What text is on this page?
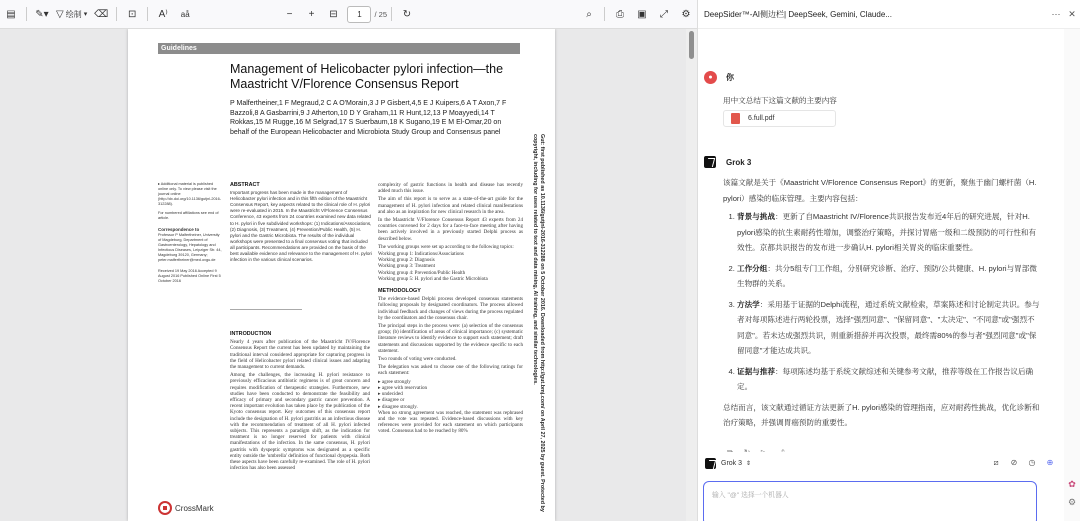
▤	✎▾ ▽ 绘制 ▾ ⌫	⊡	A⁾	aå	−	+	⊟	1	/ 25	↻	⌕	⎙	▣	⤢	⚙
Guidelines
Management of Helicobacter pylori infection—the
Maastricht V/Florence Consensus Report
P Malfertheiner,1 F Megraud,2 C A O'Morain,3 J P Gisbert,4,5 E J Kuipers,6 A T Axon,7 F Bazzoli,8 A Gasbarrini,9 J Atherton,10 D Y Graham,11 R Hunt,12,13 P Moayyedi,14 T Rokkas,15 M Rugge,16 M Selgrad,17 S Suerbaum,18 K Sugano,19 E M El-Omar,20 on behalf of the European Helicobacter and Microbiota Study Group and Consensus panel
▸ Additional material is published online only. To view please visit the journal online (http://dx.doi.org/10.1136/gutjnl-2016-312288).
For numbered affiliations see end of article.
Correspondence to
Professor P Malfertheiner, University of Magdeburg, Department of Gastroenterology, Hepatology and Infectious Diseases, Leipziger Str. 44, Magdeburg 39120, Germany; peter.malfertheiner@med.ovgu.de
Received 19 May 2016 Accepted 9 August 2016 Published Online First 5 October 2016
ABSTRACT
Important progress has been made in the management of Helicobacter pylori infection and in this fifth edition of the Maastricht Consensus Report, key aspects related to the clinical role of H. pylori were re-evaluated in 2015. In the Maastricht V/Florence Consensus Conference, 43 experts from 24 countries examined new data related to H. pylori in five subdivided workshops: (1) Indications/Associations, (2) Diagnosis, (3) Treatment, (4) Prevention/Public Health, (5) H. pylori and the Gastric Microbiota. The results of the individual workshops were presented to a final consensus voting that included all participants. Recommendations are provided on the basis of the best available evidence and relevance to the management of H. pylori infection in the various clinical scenarios.
INTRODUCTION

Nearly 4 years after publication of the Maastricht IV/Florence Consensus Report the current has been updated by maintaining the traditional interval considered appropriate for capturing progress in the field of Helicobacter pylori related clinical issues and adapting the management to current demands.

Among the challenges, the increasing H. pylori resistance to previously efficacious antibiotic regimens is of great concern and requires modification of therapeutic strategies. Furthermore, new studies have been conducted to demonstrate the feasibility and efficacy of primary and secondary gastric cancer prevention. A recent important evolution has taken place by the publication of the Kyoto consensus report. Key outcomes of this consensus report include the designation of H. pylori gastritis as an infectious disease with the recommendation of treatment of all H. pylori infected subjects. This represents a paradigm shift, as the indication for treatment is no longer reserved for patients with clinical manifestations of the infection. In the same consensus, H. pylori gastritis with dyspeptic symptoms was designated as a specific entity outside the 'umbrella' definition of functional dyspepsia. Both these aspects have been carefully re-examined. The role of H. pylori infection has also been assessed

complexity of gastric functions in health and disease has recently added much this issue.

The aim of this report is to serve as a state-of-the-art guide for the management of H. pylori infection and related clinical manifestations and also as an inspiration for new clinical research in the area.

In the Maastricht V/Florence Consensus Report 43 experts from 24 countries convened for 2 days for a face-to-face meeting after having been actively involved in a previously started Delphi process as described below.

The working groups were set up according to the following topics:

Working group 1: Indications/Associations
Working group 2: Diagnosis
Working group 3: Treatment
Working group 4: Prevention/Public Health
Working group 5: H. pylori and the Gastric Microbiota
METHODOLOGY

The evidence-based Delphi process developed consensus statements following proposals by designated coordinators. The process allowed individual feedback and changes of views during the process regulated by the coordinators and the consensus chair.

The principal steps in the process were: (a) selection of the consensus group; (b) identification of areas of clinical importance; (c) systematic literature reviews to identify evidence to support each statement; draft statements and discussions supported by the evidence specific to each statement.

Two rounds of voting were conducted.

The delegation was asked to choose one of the following ratings for each statement:

▸ agree strongly
▸ agree with reservation
▸ undecided
▸ disagree or
▸ disagree strongly.

When no strong agreement was reached, the statement was rephrased and the vote was repeated. Evidence-based discussions with key references were provided for each statement on which participants voted. Consensus had to be reached by 80%	Gut: first published as 10.1136/gutjnl-2016-312288 on 5 October 2016. Downloaded from http://gut.bmj.com/ on April 27, 2025 by guest. Protected by copyright, including for uses related to text and data mining, AI training, and similar technologies.
CrossMark
DeepSider™-AI侧边栏| DeepSeek, Gemini, Claude...	⋯ ✕
●	你
用中文总结下这篇文献的主要内容
6.full.pdf
Grok 3
该篇文献是关于《Maastricht V/Florence Consensus Report》的更新，聚焦于幽门螺杆菌（H. pylori）感染的临床管理。主要内容包括：
1. 背景与挑战：更新了自Maastricht IV/Florence共识报告发布近4年后的研究进展，针对H. pylori感染的抗生素耐药性增加，调整治疗策略，并探讨胃癌一级和二级预防的可行性和有效性。京都共识报告的发布进一步确认H. pylori相关胃炎的临床重要性。
2. 工作分组：共分5组专门工作组，分别研究诊断、治疗、预防/公共健康、H. pylori与胃部微生物群的关系。
3. 方法学：采用基于证据的Delphi流程，通过系统文献检索，草案陈述和讨论制定共识。参与者对每项陈述进行两轮投票，选择"强烈同意"、"保留同意"、"太决定"、"不同意"或"强烈不同意"。若未达成强烈共识，则重新措辞并再次投票，最终需80%的参与者"强烈同意"或"保留同意"才能达成共识。
4. 证据与推荐：每项陈述均基于系统文献综述和关键参考文献，推荐等级在工作报告议后确定。
总结而言，该文献通过循证方法更新了H. pylori感染的管理指南，应对耐药性挑战，优化诊断和治疗策略，并强调胃癌预防的重要性。
Grok 3 ⇕	⧄	⊘	◷	⊕
输入 "@" 选择一个机器人
✿
⚙
